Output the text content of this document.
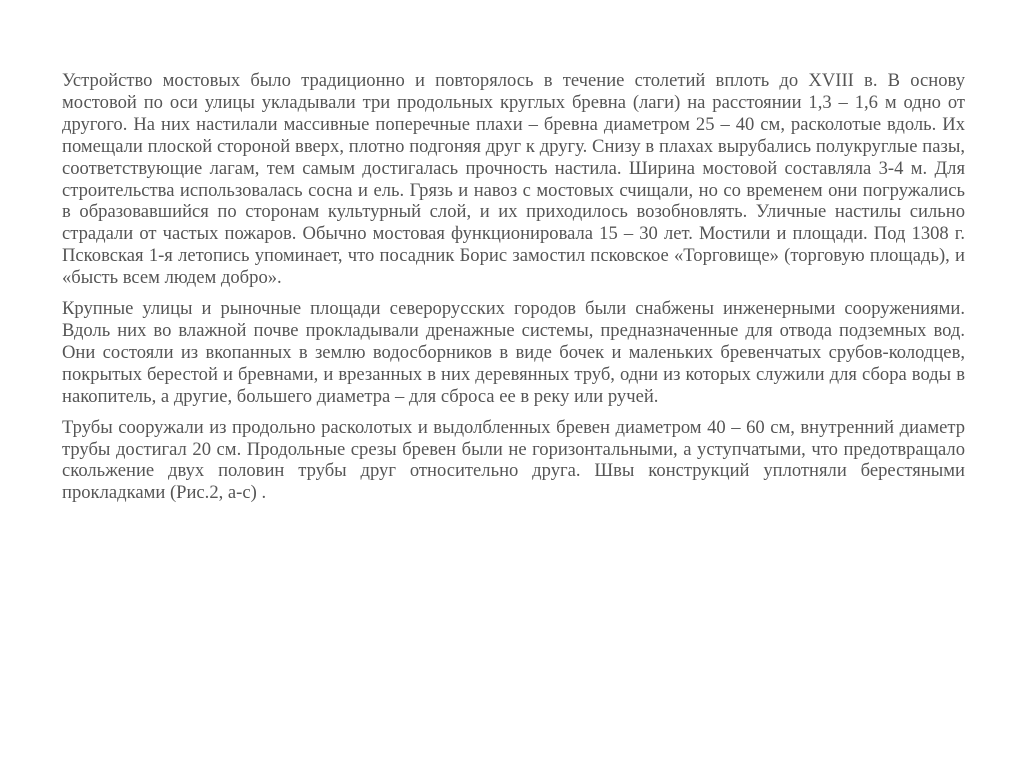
Устройство мостовых было традиционно и повторялось в течение столетий вплоть до XVIII в. В основу мостовой по оси улицы укладывали три продольных круглых бревна (лаги) на расстоянии 1,3 – 1,6 м одно от другого. На них настилали массивные поперечные плахи – бревна диаметром 25 – 40 см, расколотые вдоль. Их помещали плоской стороной вверх, плотно подгоняя друг к другу. Снизу в плахах вырубались полукруглые пазы, соответствующие лагам, тем самым достигалась прочность настила. Ширина мостовой составляла 3-4 м. Для строительства использовалась сосна и ель. Грязь и навоз с мостовых счищали, но со временем они погружались в образовавшийся по сторонам культурный слой, и их приходилось возобновлять. Уличные настилы сильно страдали от частых пожаров. Обычно мостовая функционировала 15 – 30 лет. Мостили и площади. Под 1308 г. Псковская 1-я летопись упоминает, что посадник Борис замостил псковское «Торговище» (торговую площадь), и «бысть всем людем добро».

Крупные улицы и рыночные площади северорусских городов были снабжены инженерными сооружениями. Вдоль них во влажной почве прокладывали дренажные системы, предназначенные для отвода подземных вод. Они состояли из вкопанных в землю водосборников в виде бочек и маленьких бревенчатых срубов-колодцев, покрытых берестой и бревнами, и врезанных в них деревянных труб, одни из которых служили для сбора воды в накопитель, а другие, большего диаметра – для сброса ее в реку или ручей.

Трубы сооружали из продольно расколотых и выдолбленных бревен диаметром 40 – 60 см, внутренний диаметр трубы достигал 20 см. Продольные срезы бревен были не горизонтальными, а уступчатыми, что предотвращало скольжение двух половин трубы друг относительно друга. Швы конструкций уплотняли берестяными прокладками (Рис.2, а-с) .
